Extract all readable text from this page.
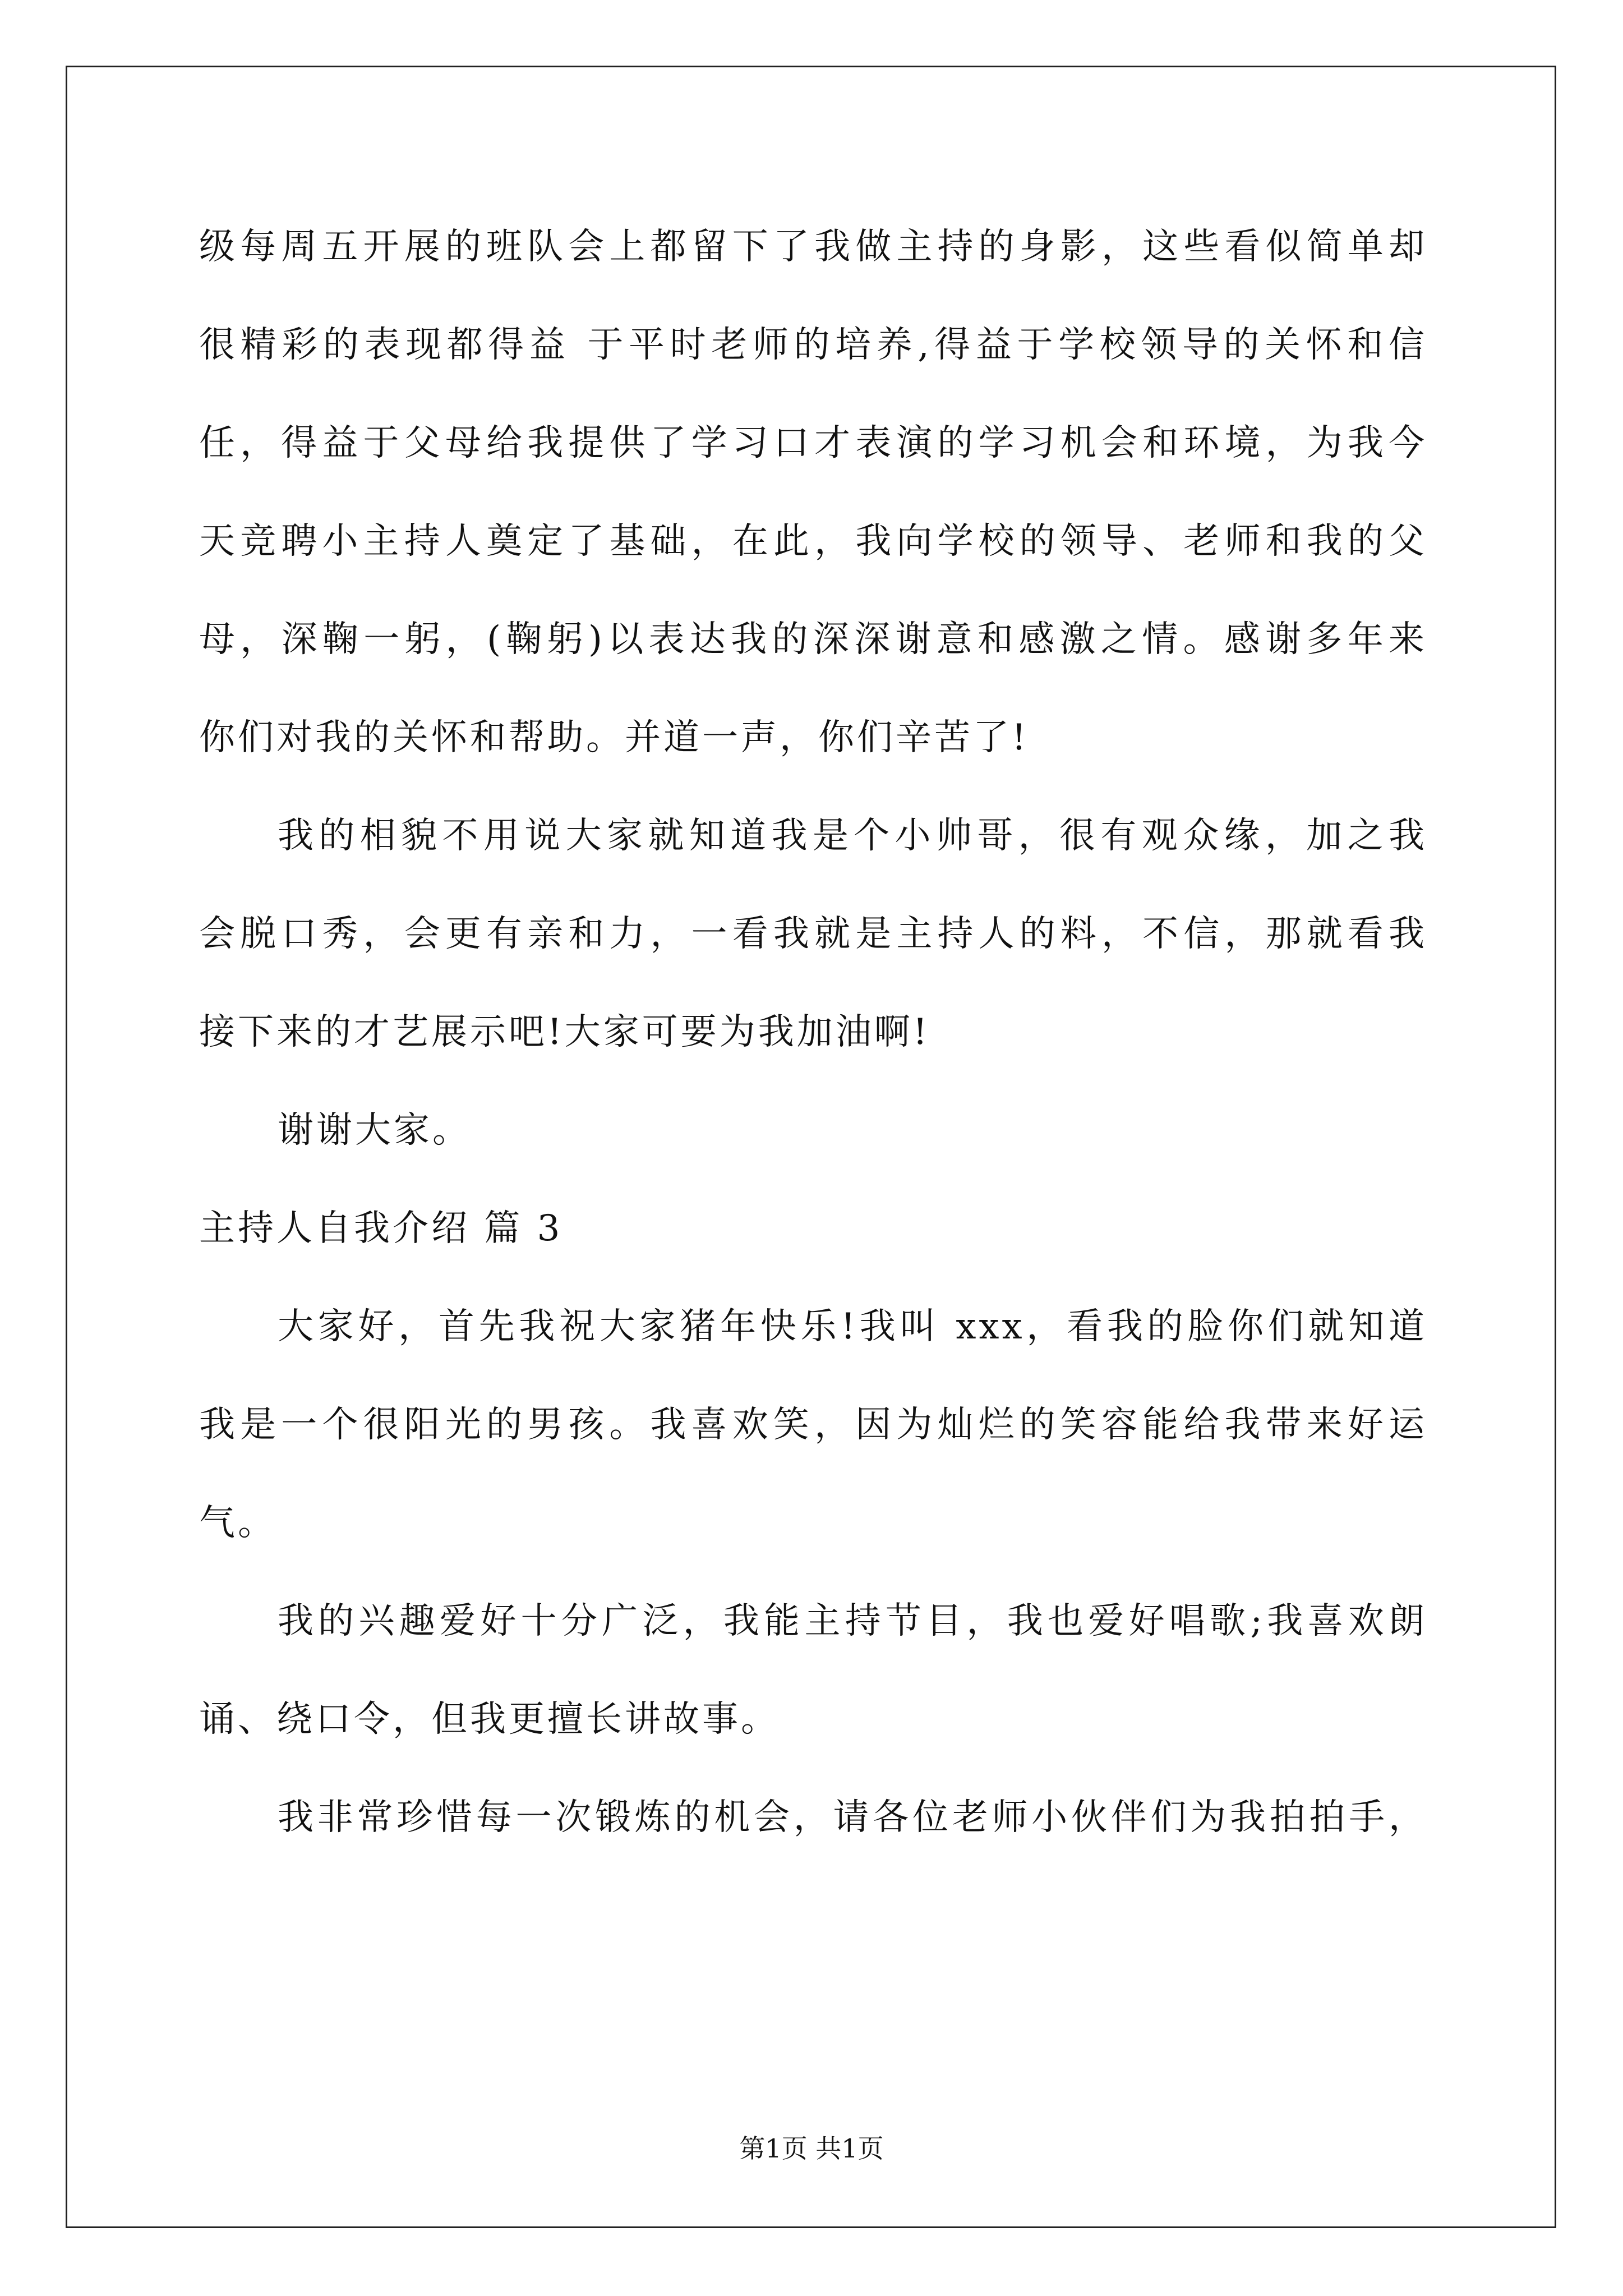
级每周五开展的班队会上都留下了我做主持的身影，这些看似简单却
很精彩的表现都得益 于平时老师的培养,得益于学校领导的关怀和信
任，得益于父母给我提供了学习口才表演的学习机会和环境，为我今
天竞聘小主持人奠定了基础，在此，我向学校的领导、老师和我的父
母，深鞠一躬，(鞠躬)以表达我的深深谢意和感激之情。感谢多年来
你们对我的关怀和帮助。并道一声，你们辛苦了!
我的相貌不用说大家就知道我是个小帅哥，很有观众缘，加之我
会脱口秀，会更有亲和力，一看我就是主持人的料，不信，那就看我
接下来的才艺展示吧!大家可要为我加油啊!
谢谢大家。
主持人自我介绍 篇 3
大家好，首先我祝大家猪年快乐!我叫 xxx，看我的脸你们就知道
我是一个很阳光的男孩。我喜欢笑，因为灿烂的笑容能给我带来好运
气。
我的兴趣爱好十分广泛，我能主持节目，我也爱好唱歌;我喜欢朗
诵、绕口令，但我更擅长讲故事。
我非常珍惜每一次锻炼的机会，请各位老师小伙伴们为我拍拍手，
第1页 共1页
